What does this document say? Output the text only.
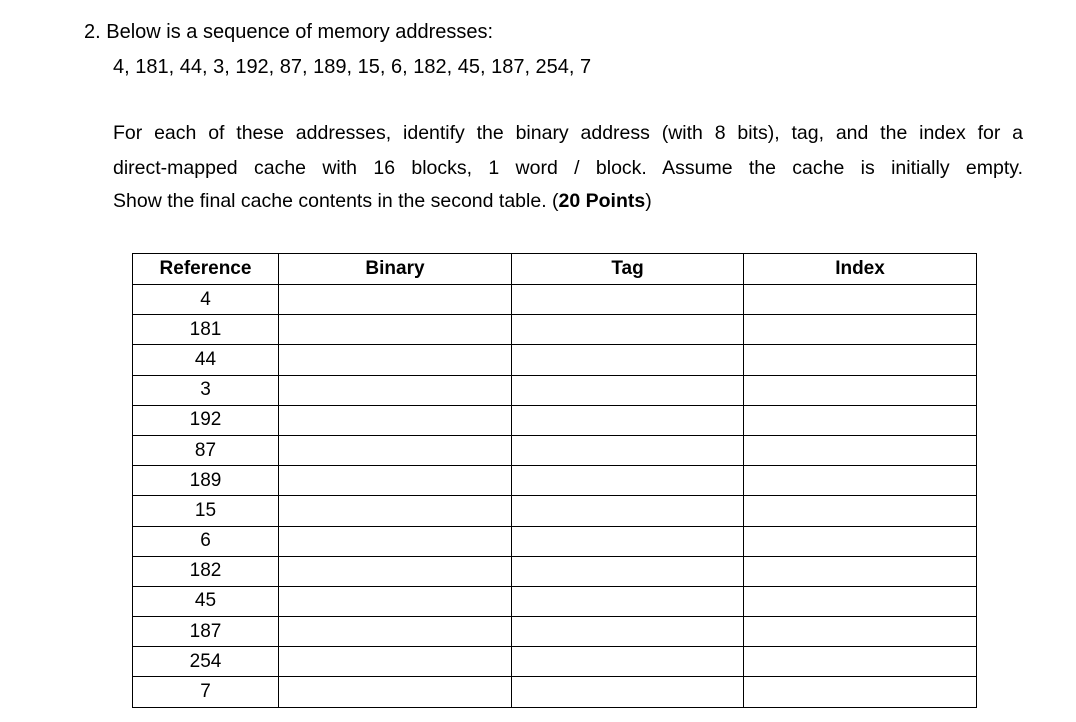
2. Below is a sequence of memory addresses:
4, 181, 44, 3, 192, 87, 189, 15, 6, 182, 45, 187, 254, 7
For each of these addresses, identify the binary address (with 8 bits), tag, and the index for a
direct-mapped cache with 16 blocks, 1 word / block. Assume the cache is initially empty.
Show the final cache contents in the second table. (20 Points)
Reference	Binary	Tag	Index
4			
181			
44			
3			
192			
87			
189			
15			
6			
182			
45			
187			
254			
7			
